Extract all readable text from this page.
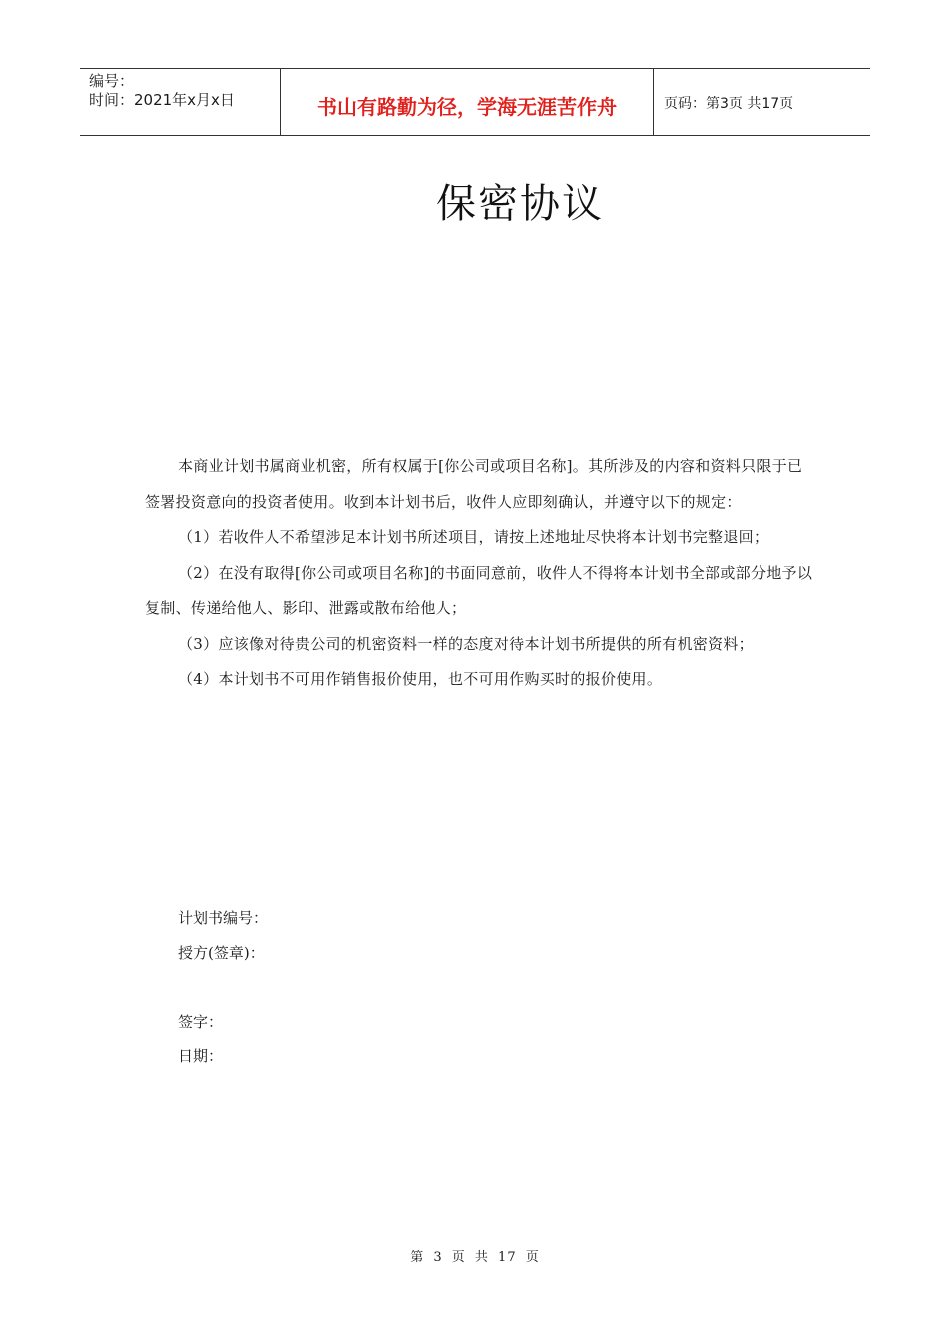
编号：
时间：2021年x月x日	书山有路勤为径，学海无涯苦作舟	页码：第3页 共17页
保密协议

本商业计划书属商业机密，所有权属于[你公司或项目名称]。其所涉及的内容和资料只限于已签署投资意向的投资者使用。收到本计划书后，收件人应即刻确认，并遵守以下的规定：

（1）若收件人不希望涉足本计划书所述项目，请按上述地址尽快将本计划书完整退回；

（2）在没有取得[你公司或项目名称]的书面同意前，收件人不得将本计划书全部或部分地予以复制、传递给他人、影印、泄露或散布给他人；

（3）应该像对待贵公司的机密资料一样的态度对待本计划书所提供的所有机密资料；

（4）本计划书不可用作销售报价使用，也不可用作购买时的报价使用。

计划书编号：
授方(签章)：
签字：
日期：
第 3 页 共 17 页
